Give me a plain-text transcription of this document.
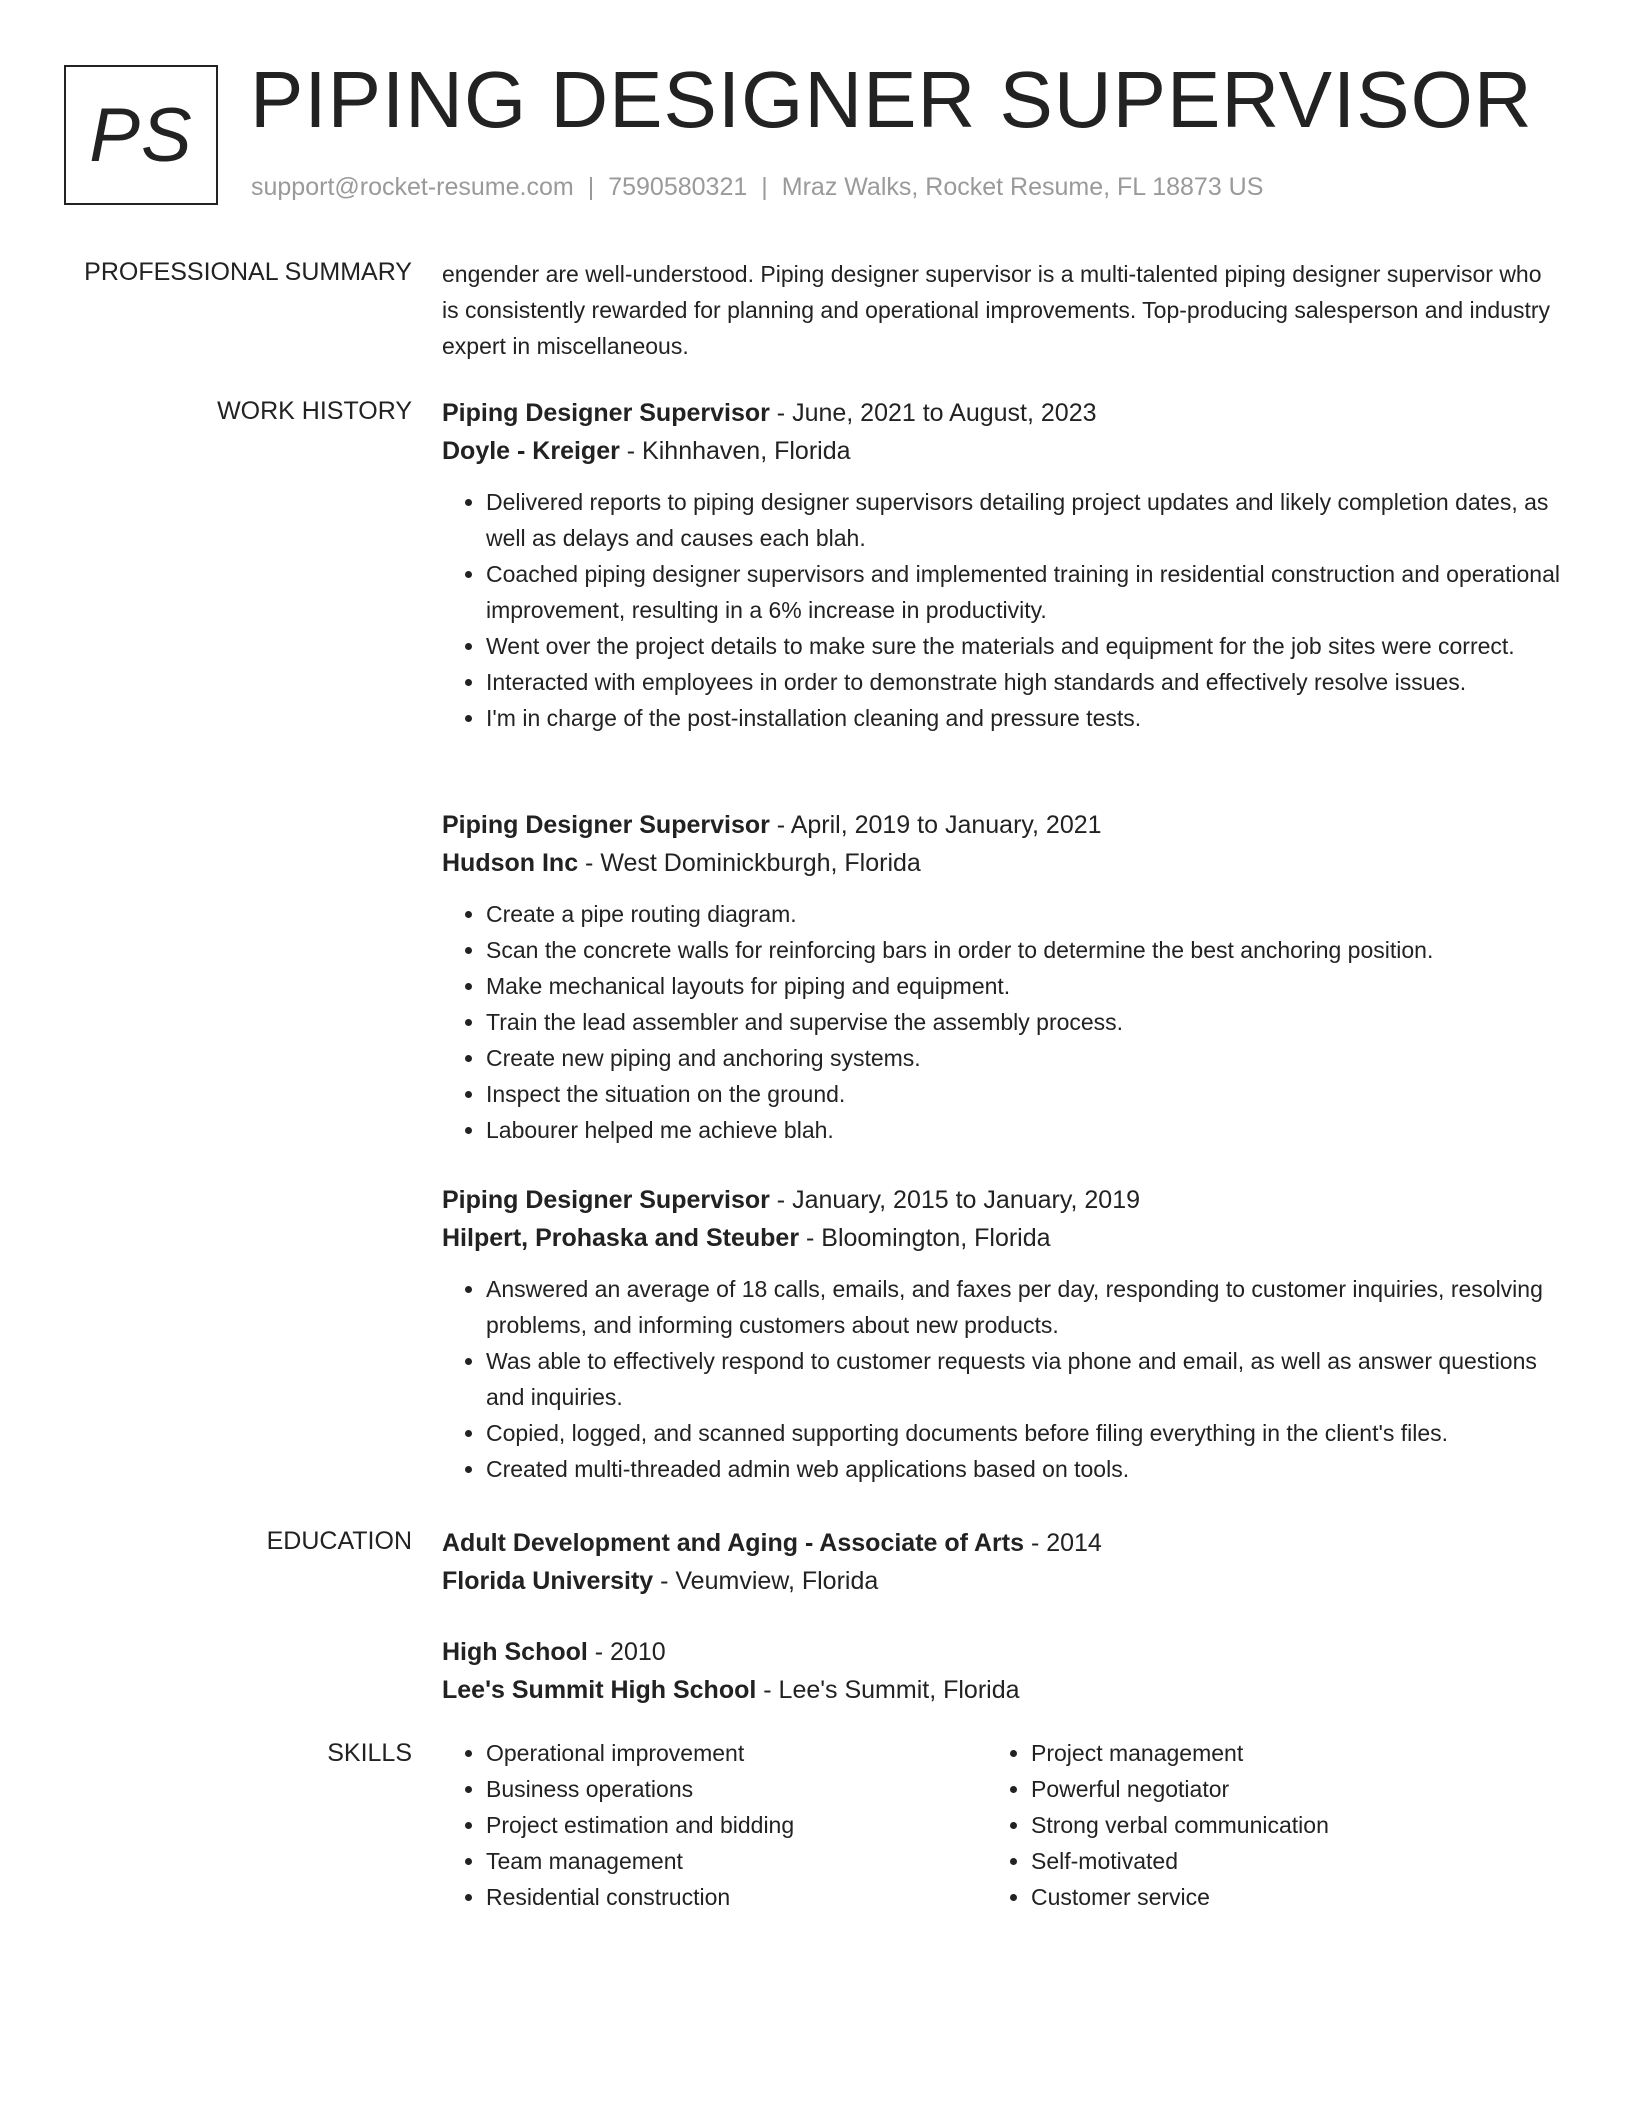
PS PIPING DESIGNER SUPERVISOR
support@rocket-resume.com | 7590580321 | Mraz Walks, Rocket Resume, FL 18873 US
PROFESSIONAL SUMMARY engender are well-understood. Piping designer supervisor is a multi-talented piping designer supervisor who is consistently rewarded for planning and operational improvements. Top-producing salesperson and industry expert in miscellaneous.
WORK HISTORY Piping Designer Supervisor - June, 2021 to August, 2023
Doyle - Kreiger - Kihnhaven, Florida
• Delivered reports to piping designer supervisors detailing project updates and likely completion dates, as well as delays and causes each blah.
• Coached piping designer supervisors and implemented training in residential construction and operational improvement, resulting in a 6% increase in productivity.
• Went over the project details to make sure the materials and equipment for the job sites were correct.
• Interacted with employees in order to demonstrate high standards and effectively resolve issues.
• I'm in charge of the post-installation cleaning and pressure tests.
Piping Designer Supervisor - April, 2019 to January, 2021
Hudson Inc - West Dominickburgh, Florida
• Create a pipe routing diagram.
• Scan the concrete walls for reinforcing bars in order to determine the best anchoring position.
• Make mechanical layouts for piping and equipment.
• Train the lead assembler and supervise the assembly process.
• Create new piping and anchoring systems.
• Inspect the situation on the ground.
• Labourer helped me achieve blah.
Piping Designer Supervisor - January, 2015 to January, 2019
Hilpert, Prohaska and Steuber - Bloomington, Florida
• Answered an average of 18 calls, emails, and faxes per day, responding to customer inquiries, resolving problems, and informing customers about new products.
• Was able to effectively respond to customer requests via phone and email, as well as answer questions and inquiries.
• Copied, logged, and scanned supporting documents before filing everything in the client's files.
• Created multi-threaded admin web applications based on tools.
EDUCATION Adult Development and Aging - Associate of Arts - 2014
Florida University - Veumview, Florida
High School - 2010
Lee's Summit High School - Lee's Summit, Florida
SKILLS
•	Operational improvement
• Business operations
• Project estimation and bidding
• Team management
• Residential construction
• Project management
• Powerful negotiator
• Strong verbal communication
• Self-motivated
• Customer service
